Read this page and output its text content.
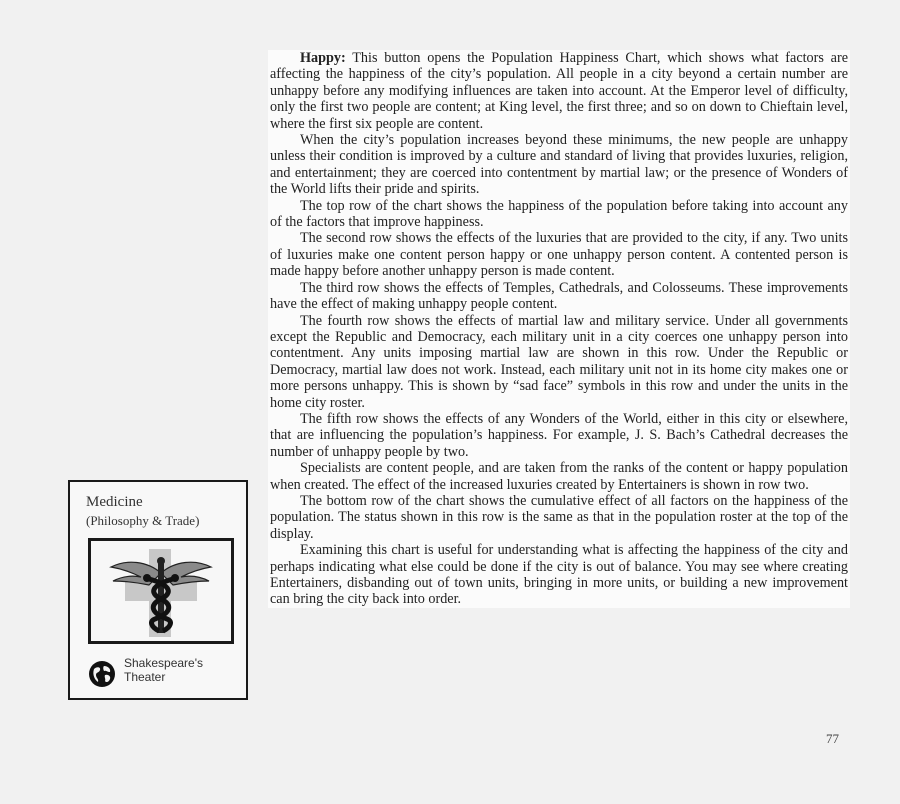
Happy: This button opens the Population Happiness Chart, which shows what factors are affecting the happiness of the city’s population. All people in a city beyond a certain number are unhappy before any modifying influences are taken into account. At the Emperor level of difficulty, only the first two people are content; at King level, the first three; and so on down to Chieftain level, where the first six people are content.

When the city’s population increases beyond these minimums, the new people are unhappy unless their condition is improved by a culture and standard of living that provides luxuries, religion, and entertainment; they are coerced into contentment by martial law; or the presence of Wonders of the World lifts their pride and spirits.

The top row of the chart shows the happiness of the population before taking into account any of the factors that improve happiness.

The second row shows the effects of the luxuries that are provided to the city, if any. Two units of luxuries make one content person happy or one unhappy person content. A contented person is made happy before another unhappy person is made content.

The third row shows the effects of Temples, Cathedrals, and Colosseums. These improvements have the effect of making unhappy people content.

The fourth row shows the effects of martial law and military service. Under all governments except the Republic and Democracy, each military unit in a city coerces one unhappy person into contentment. Any units imposing martial law are shown in this row. Under the Republic or Democracy, martial law does not work. Instead, each military unit not in its home city makes one or more persons unhappy. This is shown by “sad face” symbols in this row and under the units in the home city roster.

The fifth row shows the effects of any Wonders of the World, either in this city or elsewhere, that are influencing the population’s happiness. For example, J. S. Bach’s Cathedral decreases the number of unhappy people by two.

Specialists are content people, and are taken from the ranks of the content or happy population when created. The effect of the increased luxuries created by Entertainers is shown in row two.

The bottom row of the chart shows the cumulative effect of all factors on the happiness of the population. The status shown in this row is the same as that in the population roster at the top of the display.

Examining this chart is useful for understanding what is affecting the happiness of the city and perhaps indicating what else could be done if the city is out of balance. You may see where creating Entertainers, disbanding out of town units, bringing in more units, or building a new improvement can bring the city back into order.

Medicine
(Philosophy & Trade)
Shakespeare's
Theater
77
